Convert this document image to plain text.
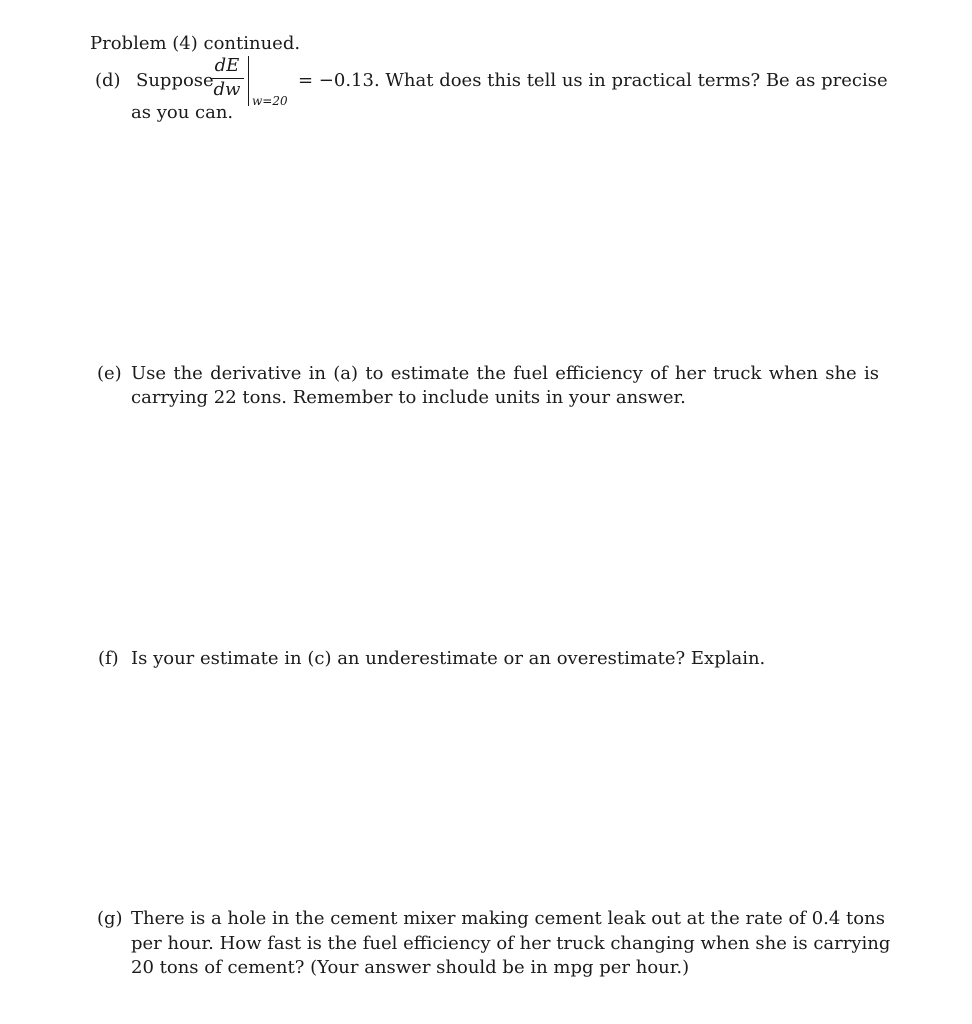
Problem (4) continued.
(d) Suppose
dE
dw
w=20
= −0.13. What does this tell us in practical terms? Be as precise
as you can.
(e) Use the derivative in (a) to estimate the fuel efficiency of her truck when she is
carrying 22 tons. Remember to include units in your answer.
(f) Is your estimate in (c) an underestimate or an overestimate? Explain.
(g) There is a hole in the cement mixer making cement leak out at the rate of 0.4 tons
per hour. How fast is the fuel efficiency of her truck changing when she is carrying
20 tons of cement? (Your answer should be in mpg per hour.)
